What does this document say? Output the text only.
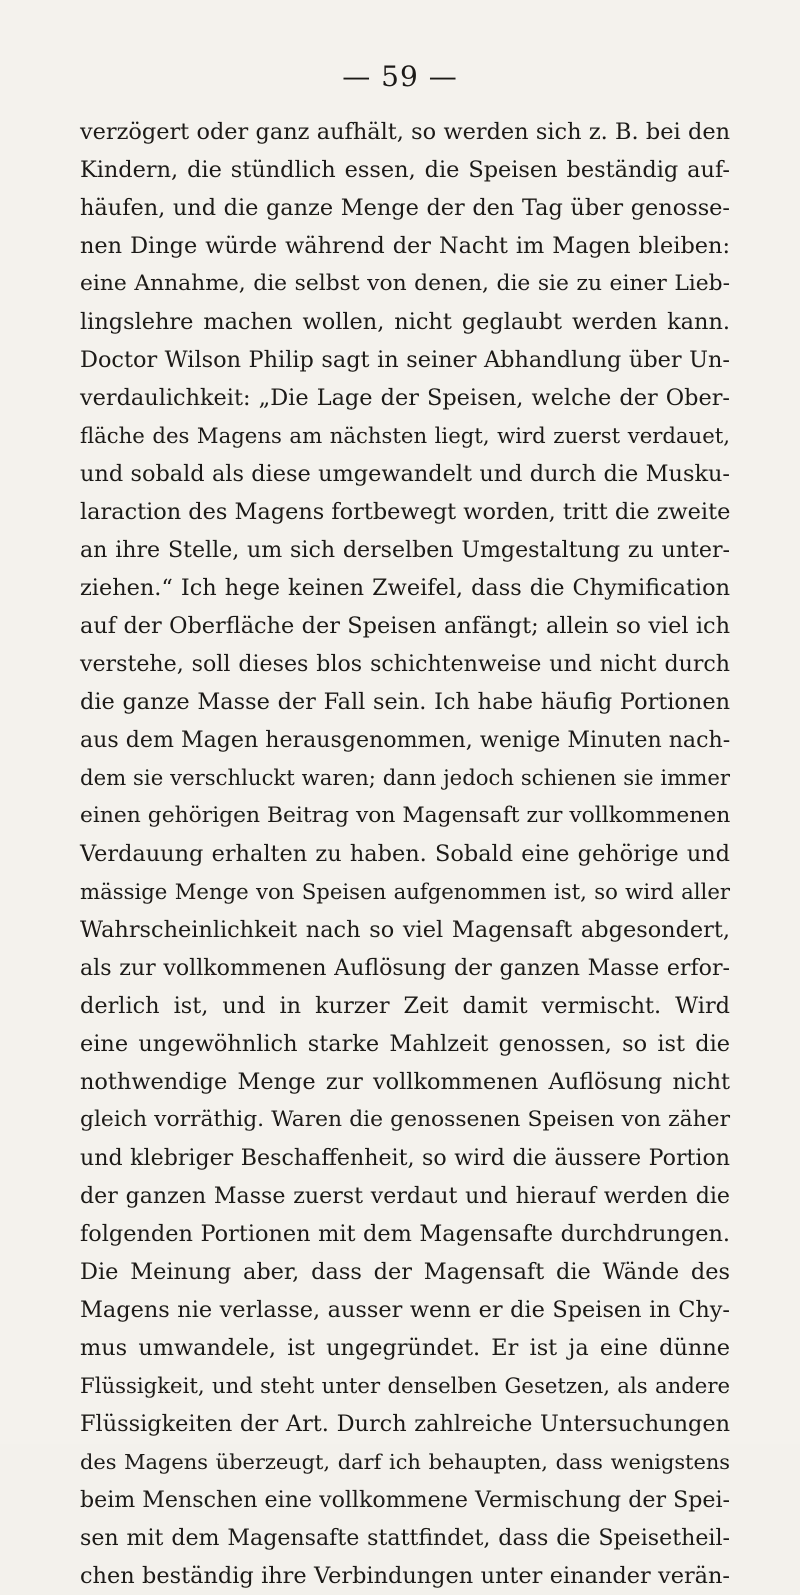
— 59 —
verzögert oder ganz aufhält, so werden sich z. B. bei den
Kindern, die stündlich essen, die Speisen beständig auf-
häufen, und die ganze Menge der den Tag über genosse-
nen Dinge würde während der Nacht im Magen bleiben:
eine Annahme, die selbst von denen, die sie zu einer Lieb-
lingslehre machen wollen, nicht geglaubt werden kann.
Doctor Wilson Philip sagt in seiner Abhandlung über Un-
verdaulichkeit: „Die Lage der Speisen, welche der Ober-
fläche des Magens am nächsten liegt, wird zuerst verdauet,
und sobald als diese umgewandelt und durch die Musku-
laraction des Magens fortbewegt worden, tritt die zweite
an ihre Stelle, um sich derselben Umgestaltung zu unter-
ziehen.“ Ich hege keinen Zweifel, dass die Chymification
auf der Oberfläche der Speisen anfängt; allein so viel ich
verstehe, soll dieses blos schichtenweise und nicht durch
die ganze Masse der Fall sein. Ich habe häufig Portionen
aus dem Magen herausgenommen, wenige Minuten nach-
dem sie verschluckt waren; dann jedoch schienen sie immer
einen gehörigen Beitrag von Magensaft zur vollkommenen
Verdauung erhalten zu haben. Sobald eine gehörige und
mässige Menge von Speisen aufgenommen ist, so wird aller
Wahrscheinlichkeit nach so viel Magensaft abgesondert,
als zur vollkommenen Auflösung der ganzen Masse erfor-
derlich ist, und in kurzer Zeit damit vermischt. Wird
eine ungewöhnlich starke Mahlzeit genossen, so ist die
nothwendige Menge zur vollkommenen Auflösung nicht
gleich vorräthig. Waren die genossenen Speisen von zäher
und klebriger Beschaffenheit, so wird die äussere Portion
der ganzen Masse zuerst verdaut und hierauf werden die
folgenden Portionen mit dem Magensafte durchdrungen.
Die Meinung aber, dass der Magensaft die Wände des
Magens nie verlasse, ausser wenn er die Speisen in Chy-
mus umwandele, ist ungegründet. Er ist ja eine dünne
Flüssigkeit, und steht unter denselben Gesetzen, als andere
Flüssigkeiten der Art. Durch zahlreiche Untersuchungen
des Magens überzeugt, darf ich behaupten, dass wenigstens
beim Menschen eine vollkommene Vermischung der Spei-
sen mit dem Magensafte stattfindet, dass die Speisetheil-
chen beständig ihre Verbindungen unter einander verän-
